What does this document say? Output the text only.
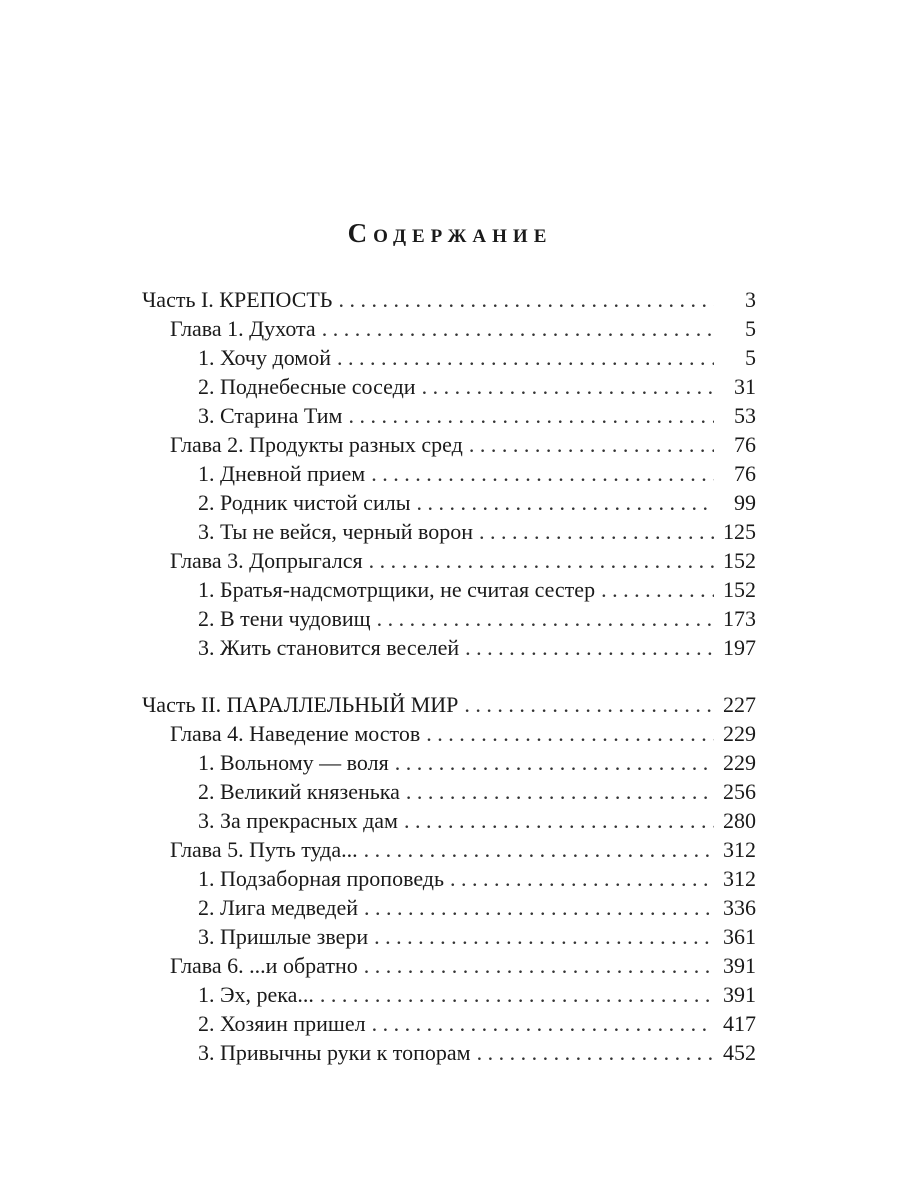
Содержание
Часть I. КРЕПОСТЬ . . .	3
Глава 1. Духота . . .	5
1. Хочу домой . . .	5
2. Поднебесные соседи . . .	31
3. Старина Тим . . .	53
Глава 2. Продукты разных сред . . .	76
1. Дневной прием . . .	76
2. Родник чистой силы . . .	99
3. Ты не вейся, черный ворон . . .	125
Глава 3. Допрыгался . . .	152
1. Братья-надсмотрщики, не считая сестер . . .	152
2. В тени чудовищ . . .	173
3. Жить становится веселей . . .	197
Часть II. ПАРАЛЛЕЛЬНЫЙ МИР . . .	227
Глава 4. Наведение мостов . . .	229
1. Вольному — воля . . .	229
2. Великий князенька . . .	256
3. За прекрасных дам . . .	280
Глава 5. Путь туда... . . .	312
1. Подзаборная проповедь . . .	312
2. Лига медведей . . .	336
3. Пришлые звери . . .	361
Глава 6. ...и обратно . . .	391
1. Эх, река... . . .	391
2. Хозяин пришел . . .	417
3. Привычны руки к топорам . . .	452
